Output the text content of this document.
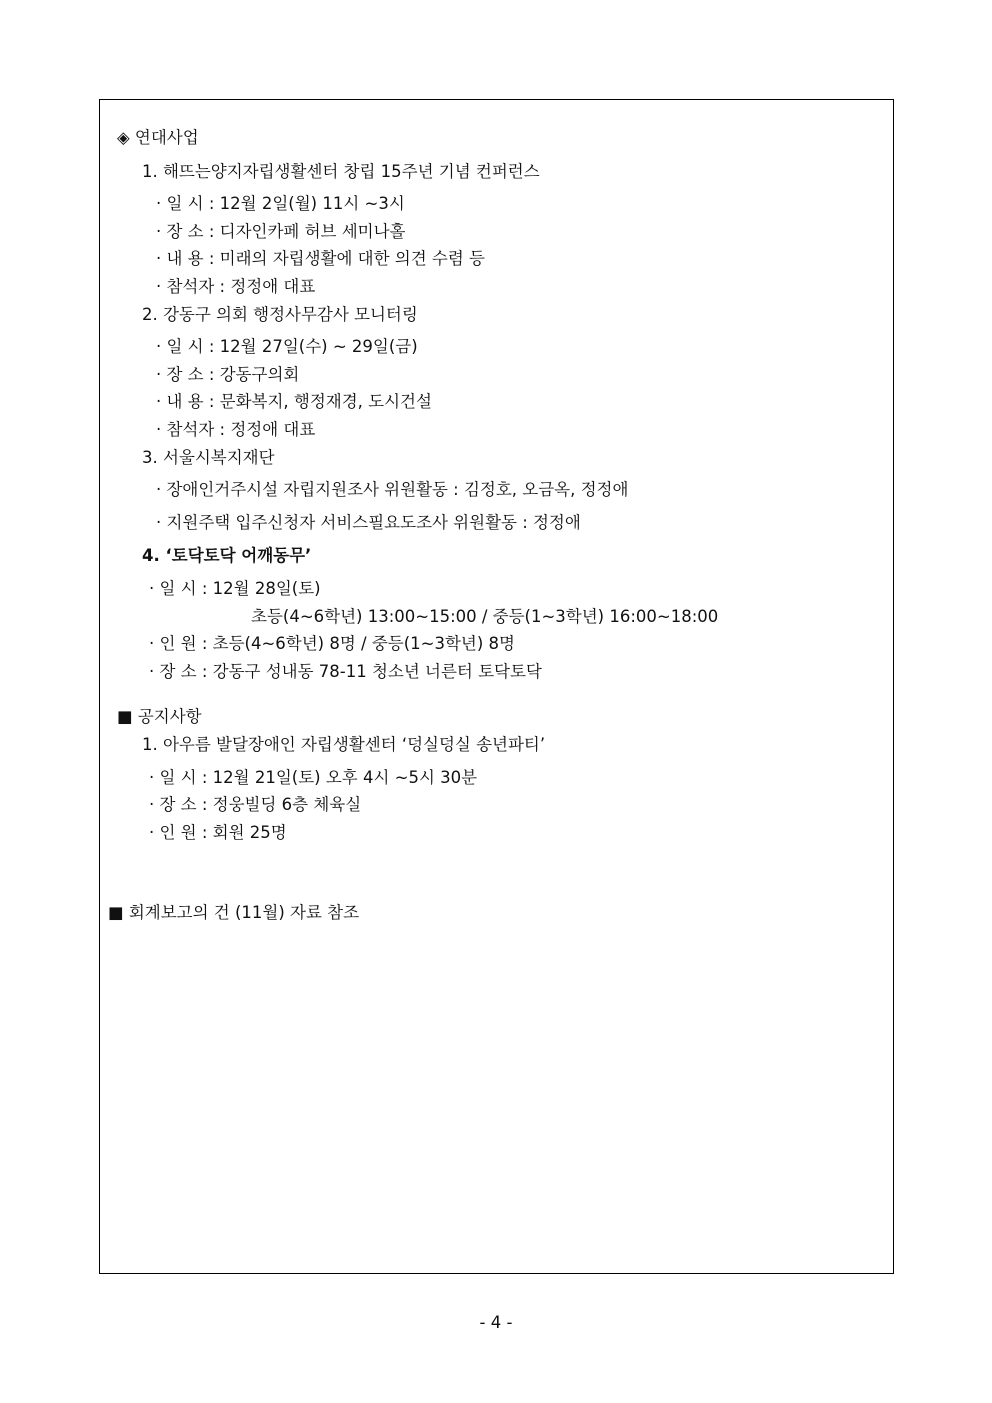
◈ 연대사업
1. 해뜨는양지자립생활센터 창립 15주년 기념 컨퍼런스
· 일 시 : 12월 2일(월) 11시 ~3시
· 장 소 : 디자인카페 허브 세미나홀
· 내 용 : 미래의 자립생활에 대한 의견 수렴 등
· 참석자 : 정정애 대표
2. 강동구 의회 행정사무감사 모니터링
· 일 시 : 12월 27일(수) ~ 29일(금)
· 장 소 : 강동구의회
· 내 용 : 문화복지, 행정재경, 도시건설
· 참석자 : 정정애 대표
3. 서울시복지재단
· 장애인거주시설 자립지원조사 위원활동 : 김정호, 오금옥, 정정애
· 지원주택 입주신청자 서비스필요도조사 위원활동 : 정정애
4. ‘토닥토닥 어깨동무’
· 일 시 : 12월 28일(토)
초등(4~6학년) 13:00~15:00 / 중등(1~3학년) 16:00~18:00
· 인 원 : 초등(4~6학년) 8명 / 중등(1~3학년) 8명
· 장 소 : 강동구 성내동 78-11 청소년 너른터 토닥토닥
■ 공지사항
1. 아우름 발달장애인 자립생활센터 ‘덩실덩실 송년파티’
· 일 시 : 12월 21일(토) 오후 4시 ~5시 30분
· 장 소 : 정웅빌딩 6층 체육실
· 인 원 : 회원 25명
■ 회계보고의 건 (11월) 자료 참조
- 4 -
